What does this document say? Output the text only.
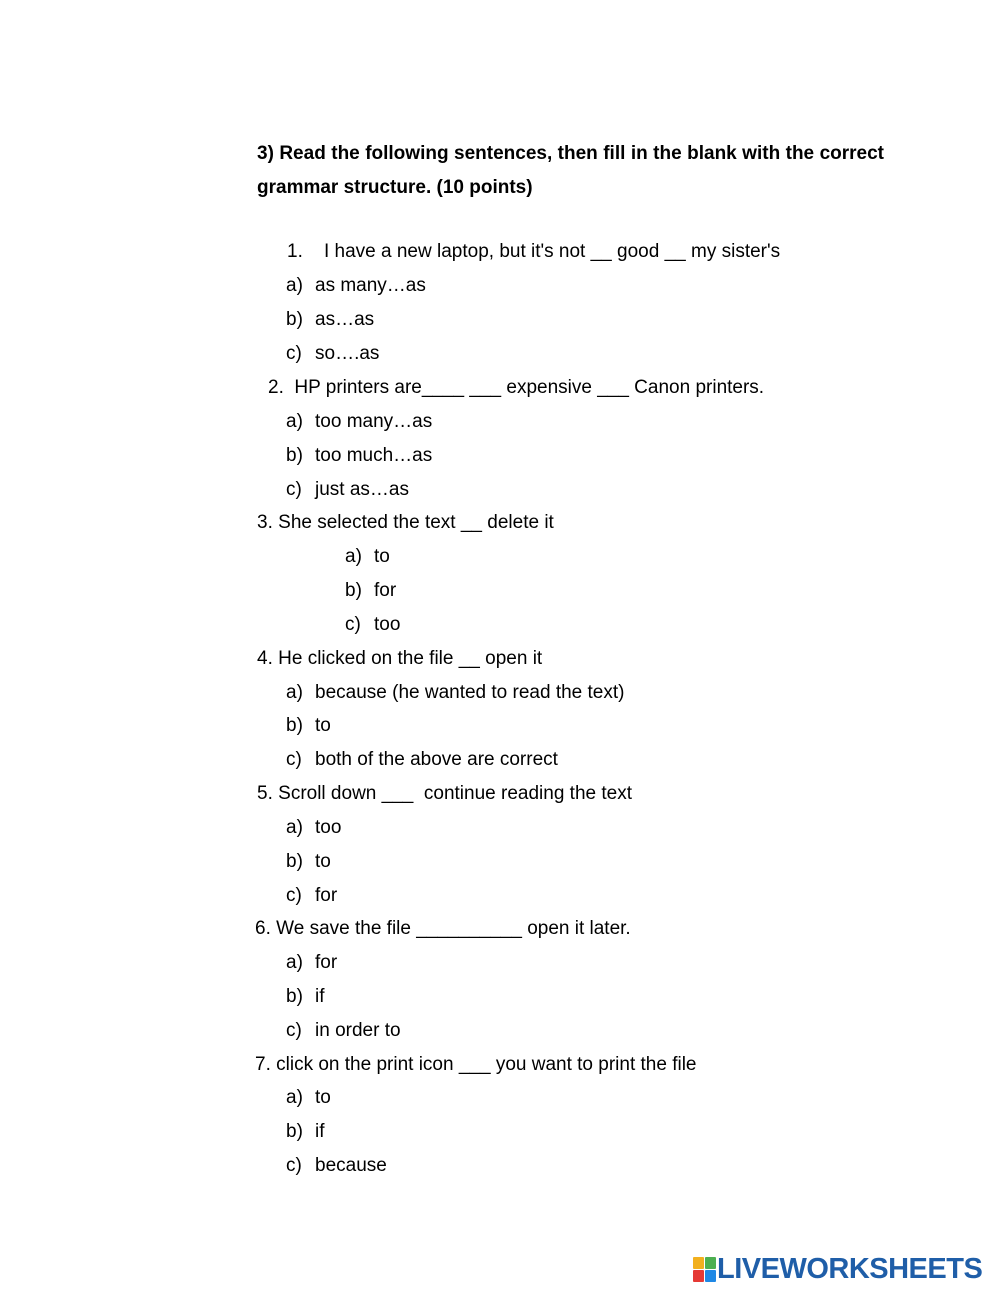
3) Read the following sentences, then fill in the blank with the correct grammar structure. (10 points)

1. I have a new laptop, but it's not __ good __ my sister's
a) as many…as
b) as…as
c) so….as
2. HP printers are____ ___ expensive ___ Canon printers.
a) too many…as
b) too much…as
c) just as…as
3. She selected the text __ delete it
a) to
b) for
c) too
4. He clicked on the file __ open it
a) because (he wanted to read the text)
b) to
c) both of the above are correct
5. Scroll down ___  continue reading the text
a) too
b) to
c) for
6. We save the file __________ open it later.
a) for
b) if
c) in order to
7. click on the print icon ___ you want to print the file
a) to
b) if
c) because
LIVEWORKSHEETS
